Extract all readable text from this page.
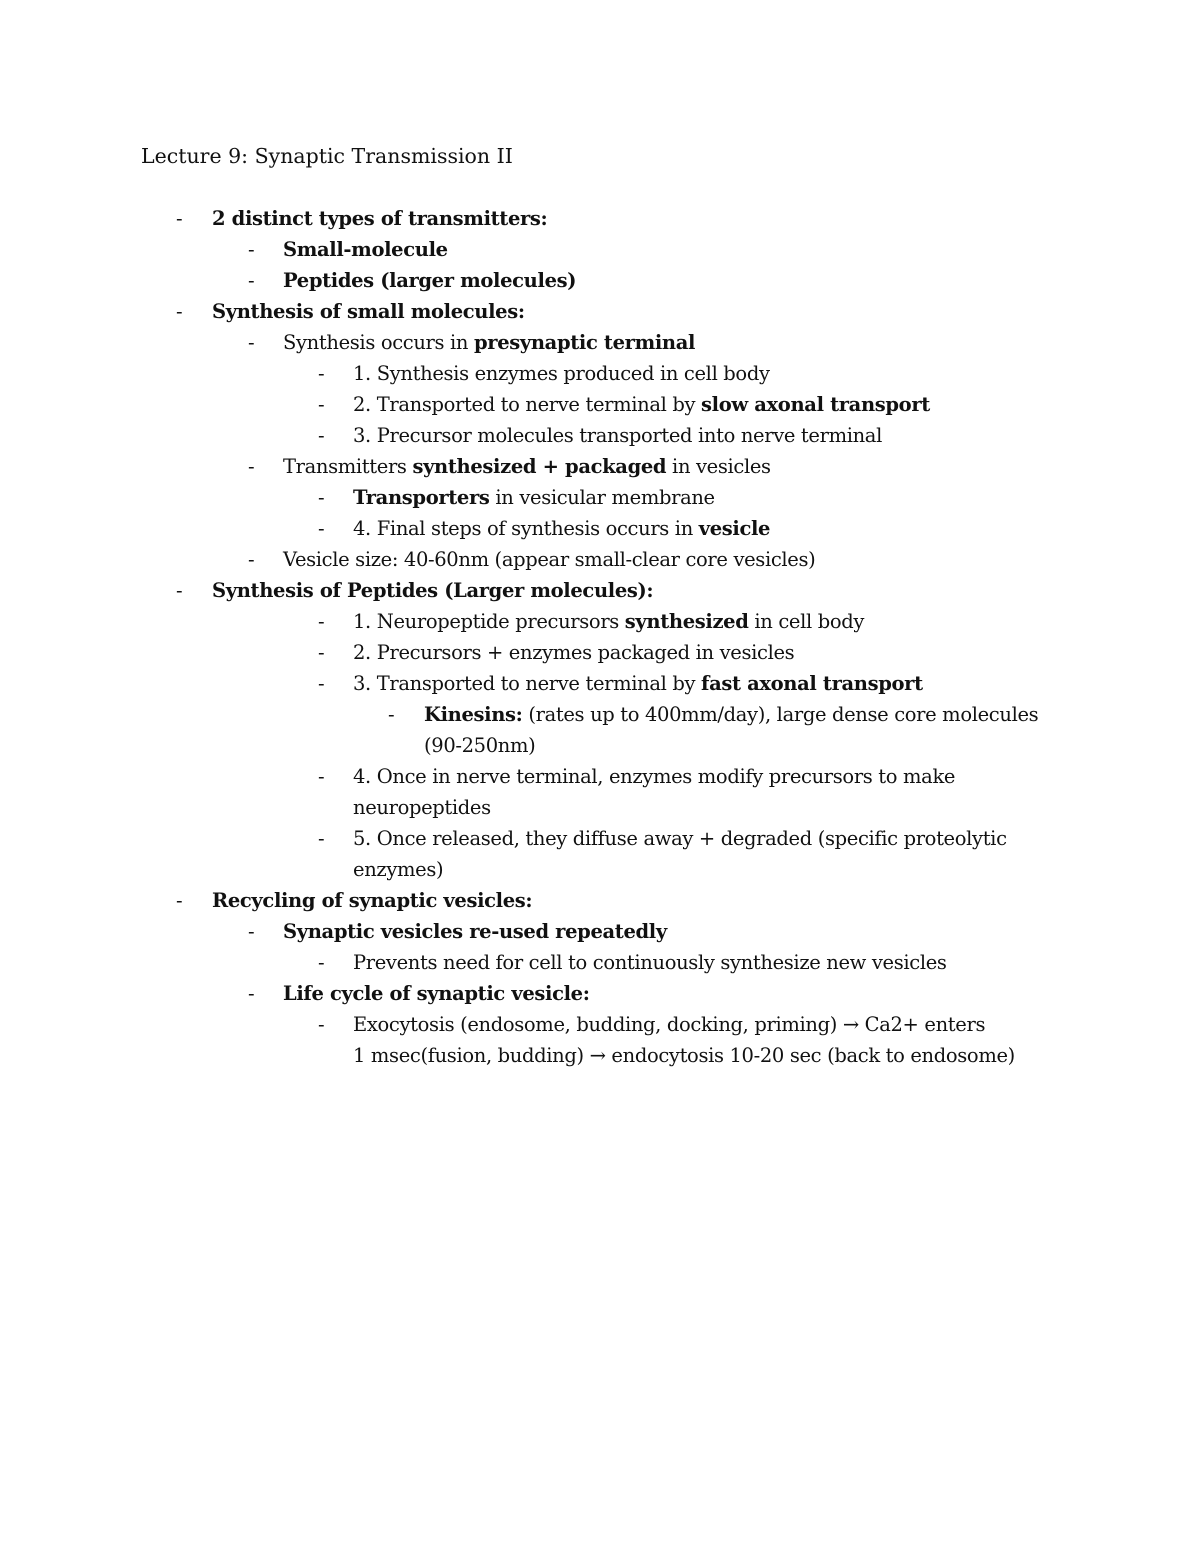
Lecture 9: Synaptic Transmission II
- 2 distinct types of transmitters:
- Small-molecule
- Peptides (larger molecules)
- Synthesis of small molecules:
- Synthesis occurs in presynaptic terminal
- 1. Synthesis enzymes produced in cell body
- 2. Transported to nerve terminal by slow axonal transport
- 3. Precursor molecules transported into nerve terminal
- Transmitters synthesized + packaged in vesicles
- Transporters in vesicular membrane
- 4. Final steps of synthesis occurs in vesicle
- Vesicle size: 40-60nm (appear small-clear core vesicles)
- Synthesis of Peptides (Larger molecules):
- 1. Neuropeptide precursors synthesized in cell body
- 2. Precursors + enzymes packaged in vesicles
- 3. Transported to nerve terminal by fast axonal transport
- Kinesins: (rates up to 400mm/day), large dense core molecules
(90-250nm)
- 4. Once in nerve terminal, enzymes modify precursors to make
neuropeptides
- 5. Once released, they diffuse away + degraded (specific proteolytic
enzymes)
- Recycling of synaptic vesicles:
- Synaptic vesicles re-used repeatedly
- Prevents need for cell to continuously synthesize new vesicles
- Life cycle of synaptic vesicle:
- Exocytosis (endosome, budding, docking, priming) → Ca2+ enters
1 msec(fusion, budding) → endocytosis 10-20 sec (back to endosome)
